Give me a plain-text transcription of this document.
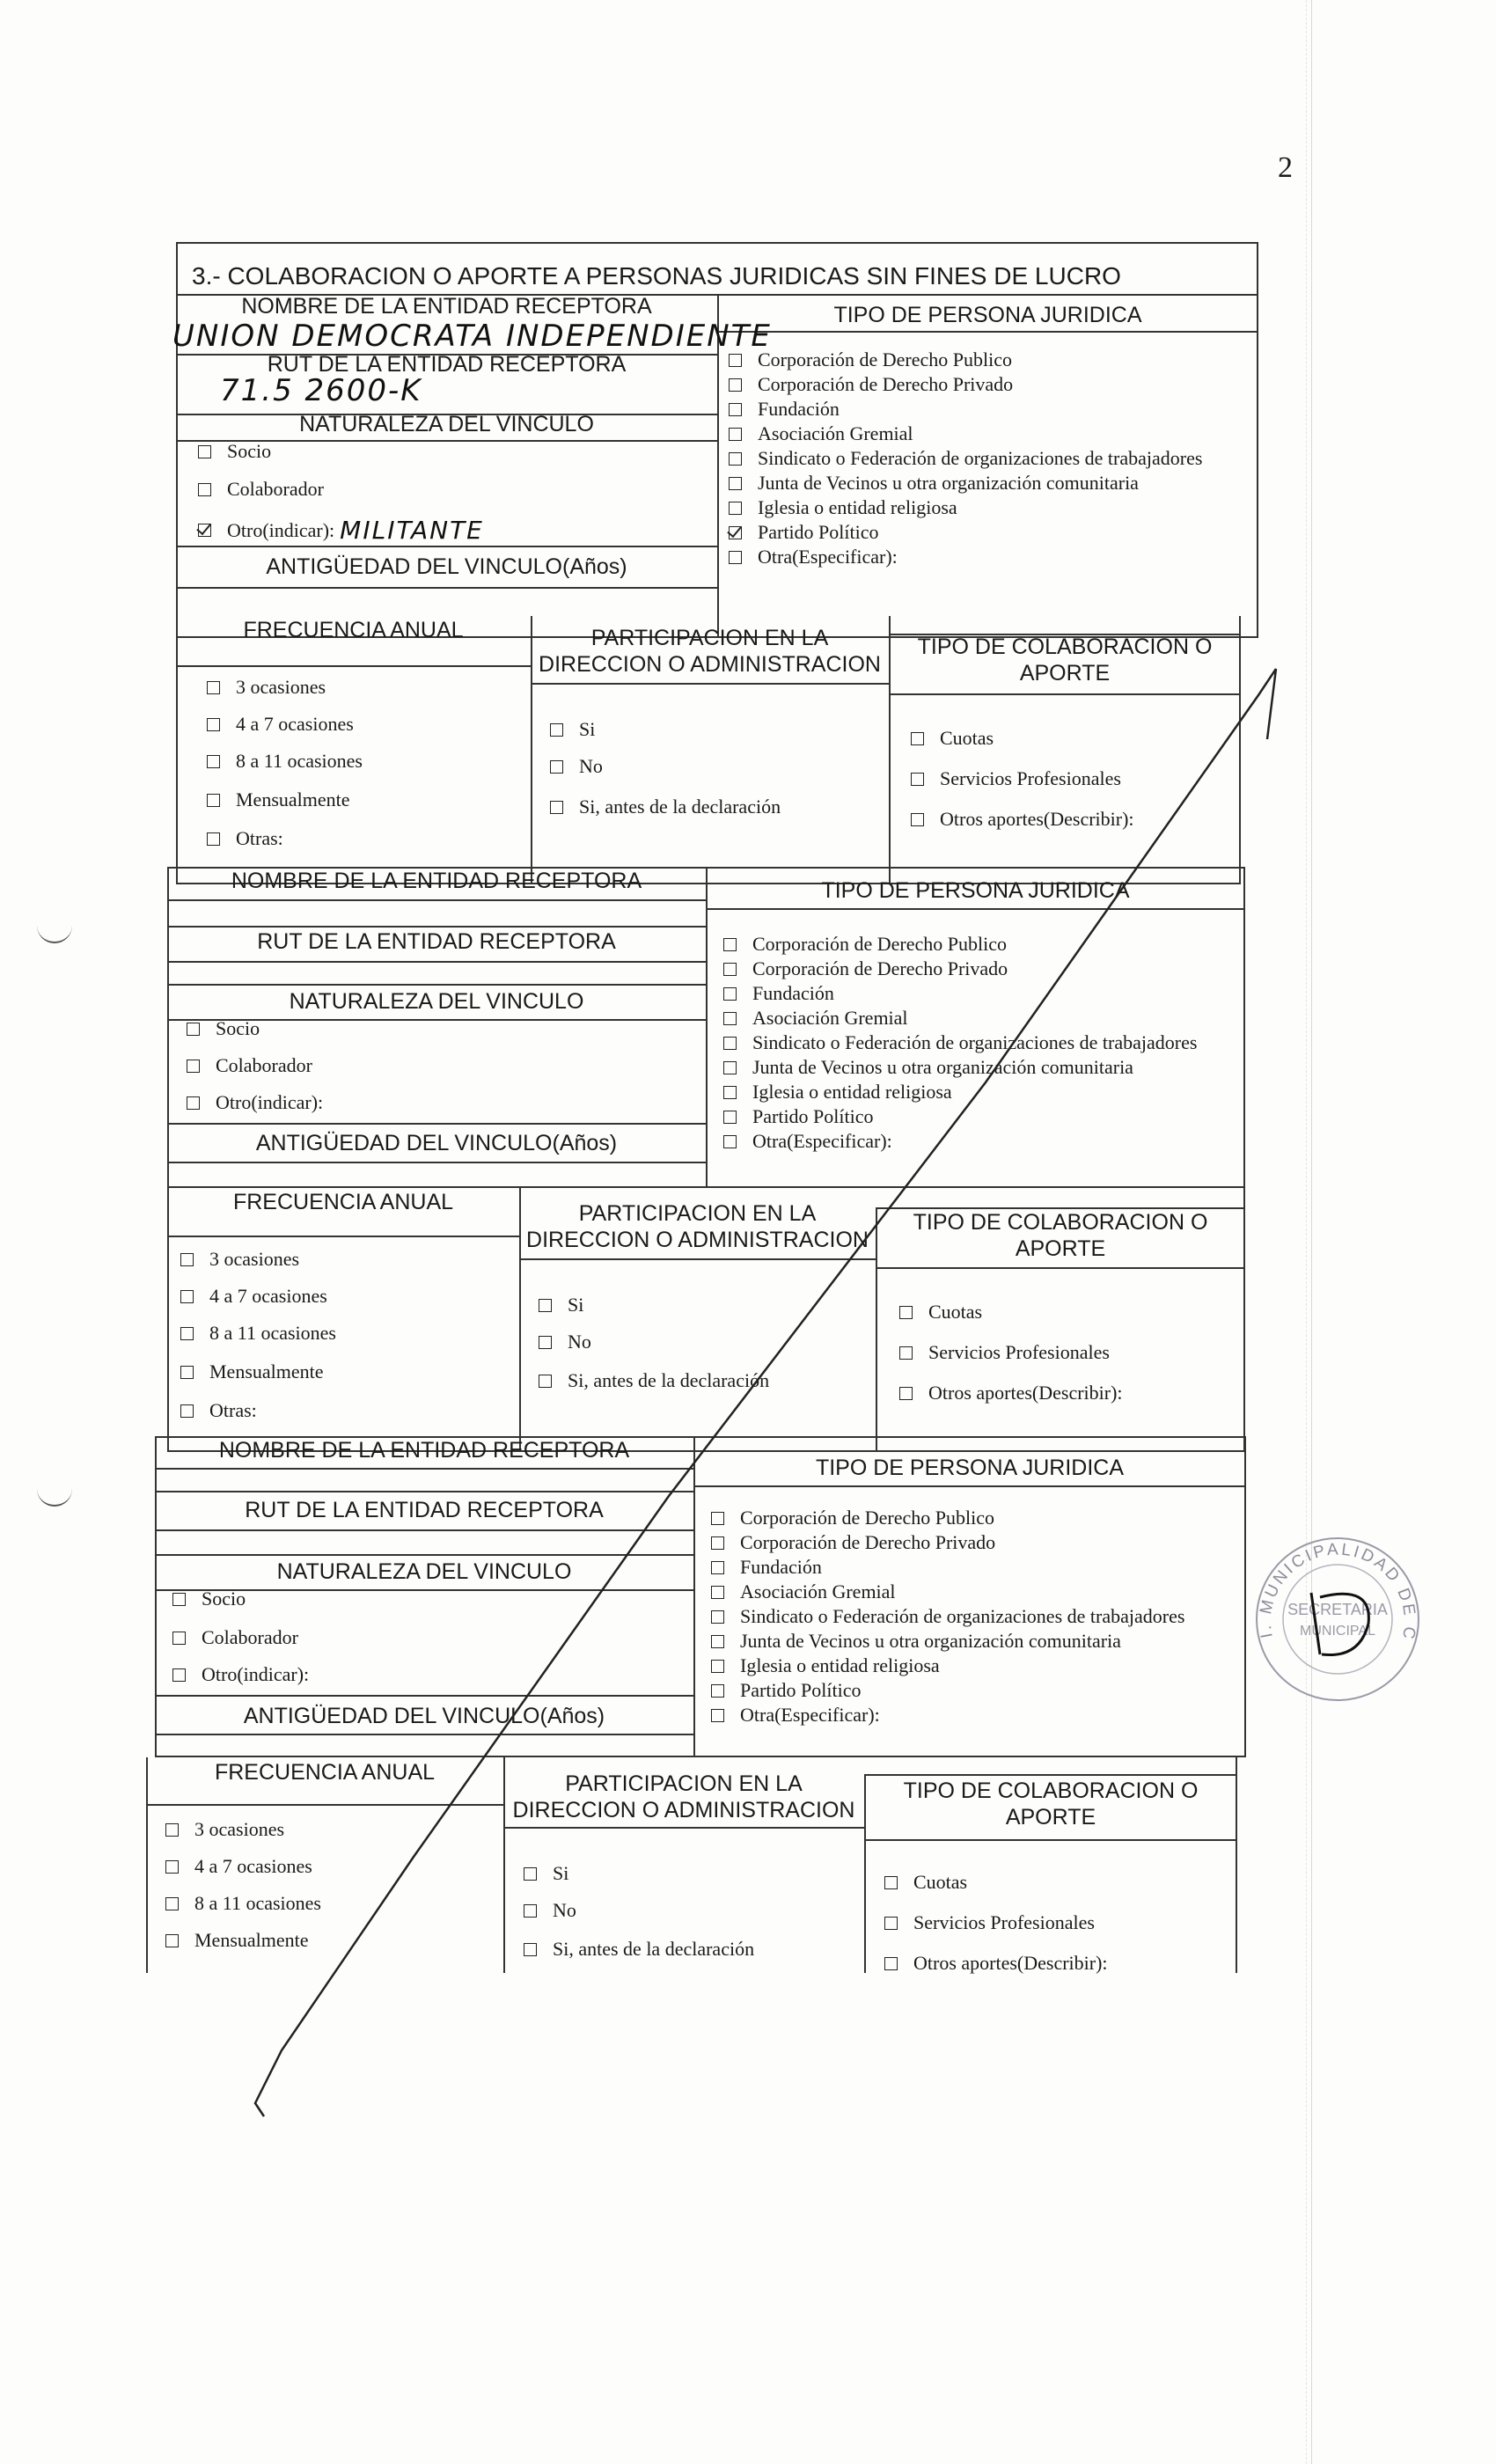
2
3.- COLABORACION O APORTE A PERSONAS JURIDICAS SIN FINES DE LUCRO
NOMBRE DE LA ENTIDAD RECEPTORA	TIPO DE PERSONA JURIDICA
UNION DEMOCRATA INDEPENDIENTE
RUT DE LA ENTIDAD RECEPTORA
71.5 2600-K
NATURALEZA DEL VINCULO
Socio
Colaborador
Otro(indicar): MILITANTE
ANTIGÜEDAD DEL VINCULO(Años)
Corporación de Derecho Publico
Corporación de Derecho Privado
Fundación
Asociación Gremial
Sindicato o Federación de organizaciones de trabajadores
Junta de Vecinos u otra organización comunitaria
Iglesia o entidad religiosa
Partido Político
Otra(Especificar):
FRECUENCIA ANUAL	PARTICIPACION EN LA DIRECCION O ADMINISTRACION
TIPO DE COLABORACION O APORTE
3 ocasiones
4 a 7 ocasiones
8 a 11 ocasiones
Mensualmente
Otras:
Si
No
Si, antes de la declaración
Cuotas
Servicios Profesionales
Otros aportes(Describir):
NOMBRE DE LA ENTIDAD RECEPTORA	TIPO DE PERSONA JURIDICA
RUT DE LA ENTIDAD RECEPTORA
NATURALEZA DEL VINCULO
Socio
Colaborador
Otro(indicar):
ANTIGÜEDAD DEL VINCULO(Años)
Corporación de Derecho Publico
Corporación de Derecho Privado
Fundación
Asociación Gremial
Sindicato o Federación de organizaciones de trabajadores
Junta de Vecinos u otra organización comunitaria
Iglesia o entidad religiosa
Partido Político
Otra(Especificar):
FRECUENCIA ANUAL	PARTICIPACION EN LA DIRECCION O ADMINISTRACION
TIPO DE COLABORACION O APORTE
3 ocasiones
4 a 7 ocasiones
8 a 11 ocasiones
Mensualmente
Otras:
Si
No
Si, antes de la declaración
Cuotas
Servicios Profesionales
Otros aportes(Describir):
NOMBRE DE LA ENTIDAD RECEPTORA
TIPO DE PERSONA JURIDICA
RUT DE LA ENTIDAD RECEPTORA
NATURALEZA DEL VINCULO
Socio
Colaborador
Otro(indicar):
ANTIGÜEDAD DEL VINCULO(Años)
Corporación de Derecho Publico
Corporación de Derecho Privado
Fundación
Asociación Gremial
Sindicato o Federación de organizaciones de trabajadores
Junta de Vecinos u otra organización comunitaria
Iglesia o entidad religiosa
Partido Político
Otra(Especificar):
FRECUENCIA ANUAL	PARTICIPACION EN LA DIRECCION O ADMINISTRACION
TIPO DE COLABORACION O APORTE
3 ocasiones
4 a 7 ocasiones
8 a 11 ocasiones
Mensualmente
Si
No
Si, antes de la declaración
Cuotas
Servicios Profesionales
Otros aportes(Describir):
I. MUNICIPALIDAD DE C
SECRETARIA
MUNICIPAL
